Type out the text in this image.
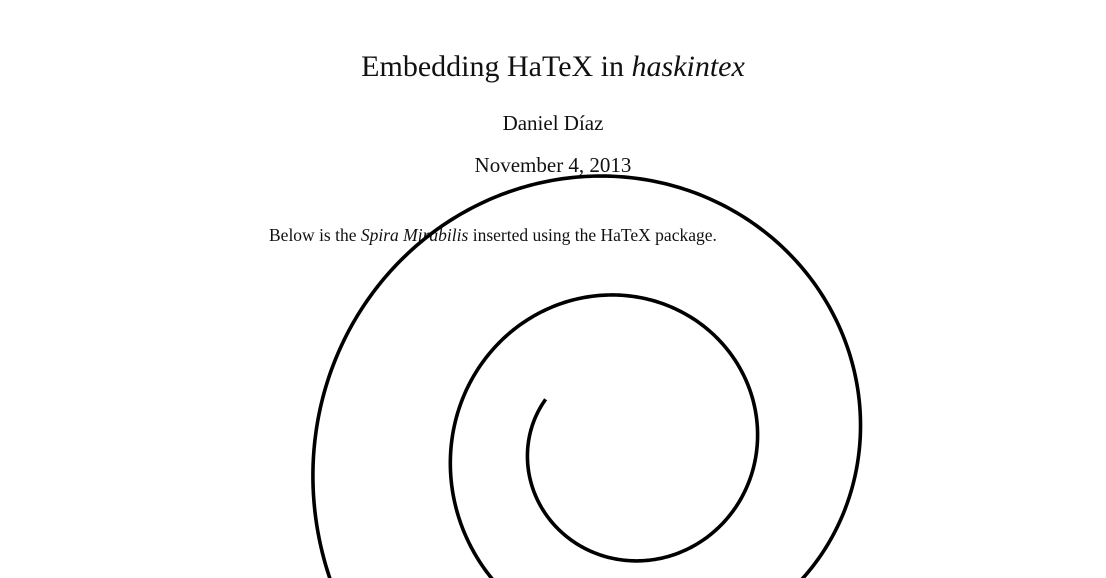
Embedding HaTeX in haskintex
Daniel Díaz
November 4, 2013
Below is the Spira Mirabilis inserted using the HaTeX package.
